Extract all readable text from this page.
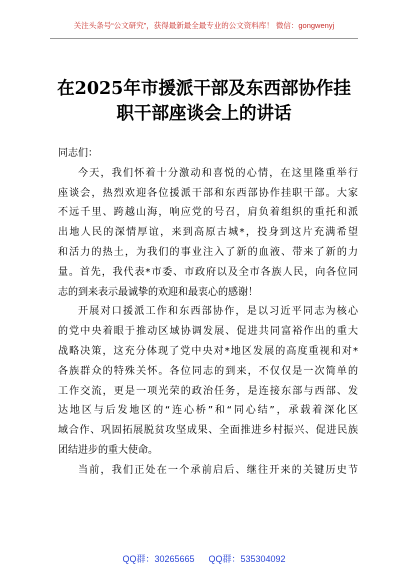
关注头条号“公文研究”，获得最新最全最专业的公文资料库！ 微信：gongwenyj
在2025年市援派干部及东西部协作挂
职干部座谈会上的讲话
同志们：
今天，我们怀着十分激动和喜悦的心情，在这里隆重举行
座谈会，热烈欢迎各位援派干部和东西部协作挂职干部。大家
不远千里、跨越山海，响应党的号召，肩负着组织的重托和派
出地人民的深情厚谊，来到高原古城*，投身到这片充满希望
和活力的热土，为我们的事业注入了新的血液、带来了新的力
量。首先，我代表*市委、市政府以及全市各族人民，向各位同
志的到来表示最诚挚的欢迎和最衷心的感谢！
开展对口援派工作和东西部协作，是以习近平同志为核心
的党中央着眼于推动区域协调发展、促进共同富裕作出的重大
战略决策，这充分体现了党中央对*地区发展的高度重视和对*
各族群众的特殊关怀。各位同志的到来，不仅仅是一次简单的
工作交流，更是一项光荣的政治任务，是连接东部与西部、发
达地区与后发地区的“连心桥”和“同心结”，承载着深化区
域合作、巩固拓展脱贫攻坚成果、全面推进乡村振兴、促进民族
团结进步的重大使命。
当前，我们正处在一个承前启后、继往开来的关键历史节
QQ群：30265665 QQ群：535304092
